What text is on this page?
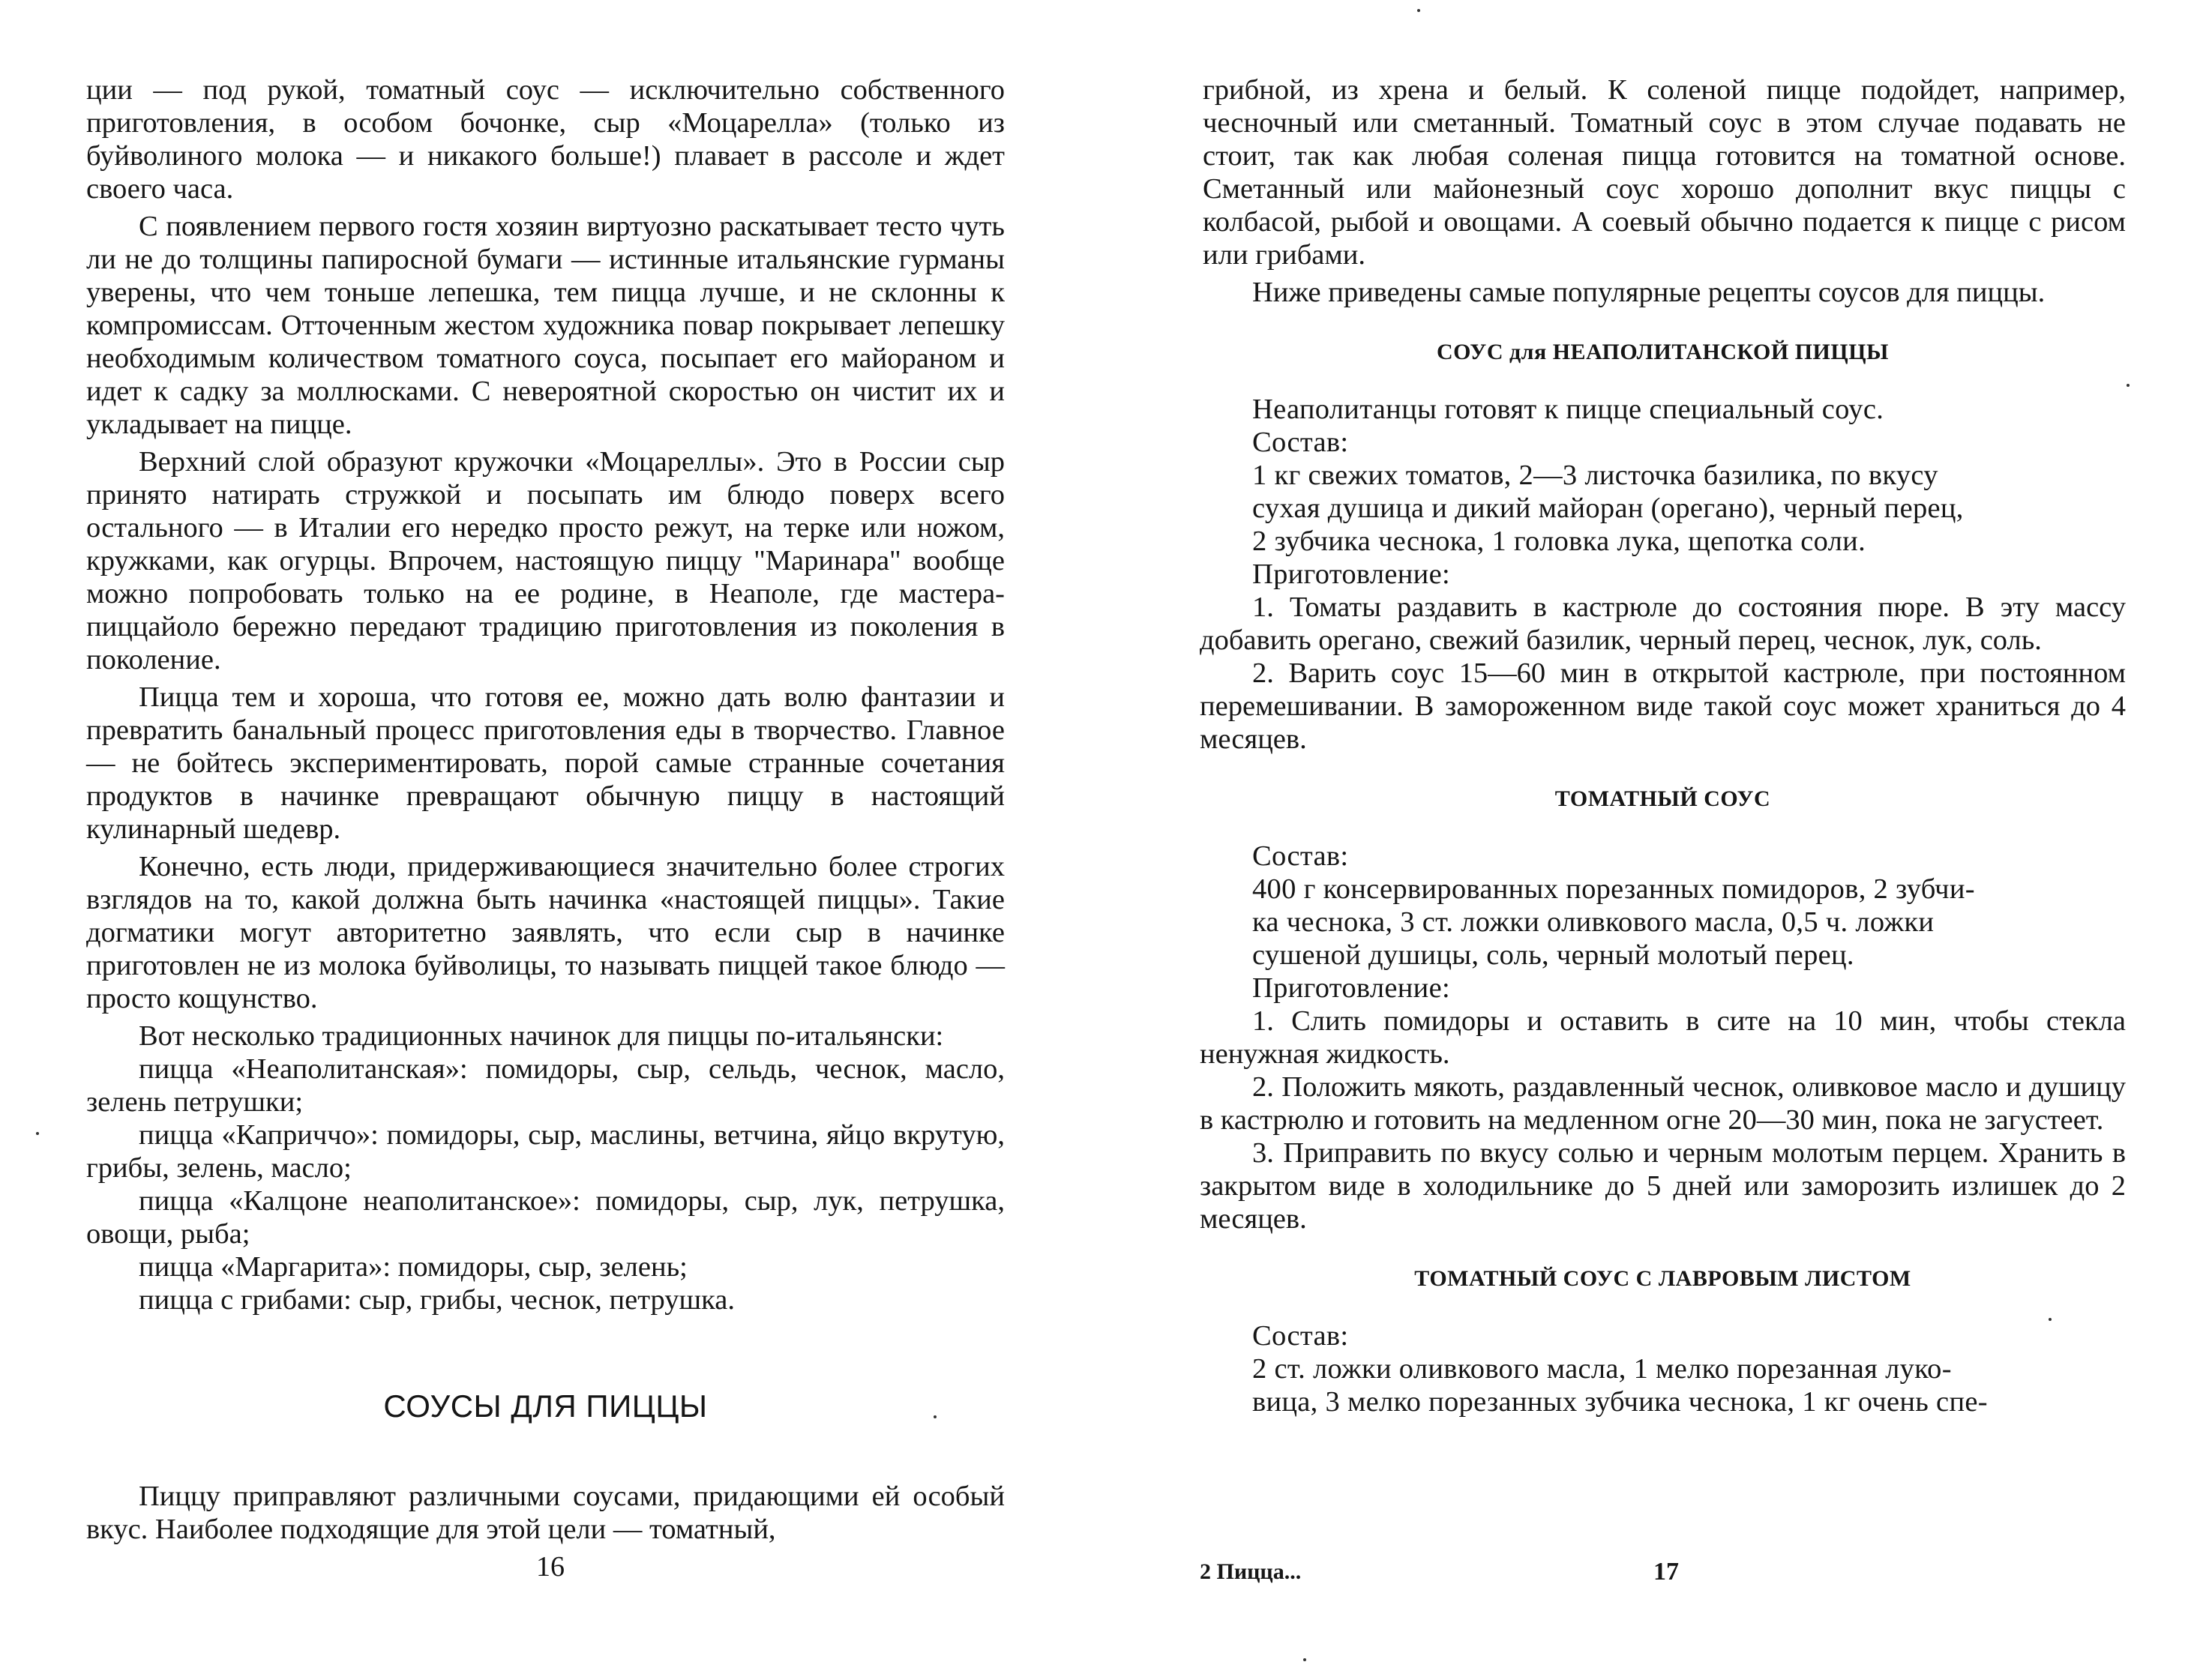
ции — под рукой, томатный соус — исключительно собственного приготовления, в особом бочонке, сыр «Моцарелла» (только из буйволиного молока — и никакого больше!) плавает в рассоле и ждет своего часа.

С появлением первого гостя хозяин виртуозно раскатывает тесто чуть ли не до толщины папиросной бумаги — истинные итальянские гурманы уверены, что чем тоньше лепешка, тем пицца лучше, и не склонны к компромиссам. Отточенным жестом художника повар покрывает лепешку необходимым количеством томатного соуса, посыпает его майораном и идет к садку за моллюсками. С невероятной скоростью он чистит их и укладывает на пицце.

Верхний слой образуют кружочки «Моцареллы». Это в России сыр принято натирать стружкой и посыпать им блюдо поверх всего остального — в Италии его нередко просто режут, на терке или ножом, кружками, как огурцы. Впрочем, настоящую пиццу "Маринара" вообще можно попробовать только на ее родине, в Неаполе, где мастера-пиццайоло бережно передают традицию приготовления из поколения в поколение.

Пицца тем и хороша, что готовя ее, можно дать волю фантазии и превратить банальный процесс приготовления еды в творчество. Главное — не бойтесь экспериментировать, порой самые странные сочетания продуктов в начинке превращают обычную пиццу в настоящий кулинарный шедевр.

Конечно, есть люди, придерживающиеся значительно более строгих взглядов на то, какой должна быть начинка «настоящей пиццы». Такие догматики могут авторитетно заявлять, что если сыр в начинке приготовлен не из молока буйволицы, то называть пиццей такое блюдо — просто кощунство.

Вот несколько традиционных начинок для пиццы по-итальянски:

пицца «Неаполитанская»: помидоры, сыр, сельдь, чеснок, масло, зелень петрушки;

пицца «Каприччо»: помидоры, сыр, маслины, ветчина, яйцо вкрутую, грибы, зелень, масло;

пицца «Калцоне неаполитанское»: помидоры, сыр, лук, петрушка, овощи, рыба;

пицца «Маргарита»: помидоры, сыр, зелень;

пицца с грибами: сыр, грибы, чеснок, петрушка.

СОУСЫ ДЛЯ ПИЦЦЫ

Пиццу приправляют различными соусами, придающими ей особый вкус. Наиболее подходящие для этой цели — томатный,

16

грибной, из хрена и белый. К соленой пицце подойдет, например, чесночный или сметанный. Томатный соус в этом случае подавать не стоит, так как любая соленая пицца готовится на томатной основе. Сметанный или майонезный соус хорошо дополнит вкус пиццы с колбасой, рыбой и овощами. А соевый обычно подается к пицце с рисом или грибами.

Ниже приведены самые популярные рецепты соусов для пиццы.

СОУС для НЕАПОЛИТАНСКОЙ ПИЦЦЫ

Неаполитанцы готовят к пицце специальный соус.

Состав:

1 кг свежих томатов, 2—3 листочка базилика, по вкусу

сухая душица и дикий майоран (орегано), черный перец,

2 зубчика чеснока, 1 головка лука, щепотка соли.

Приготовление:

1. Томаты раздавить в кастрюле до состояния пюре. В эту массу добавить орегано, свежий базилик, черный перец, чеснок, лук, соль.

2. Варить соус 15—60 мин в открытой кастрюле, при постоянном перемешивании. В замороженном виде такой соус может храниться до 4 месяцев.

ТОМАТНЫЙ СОУС

Состав:

400 г консервированных порезанных помидоров, 2 зубчи-

ка чеснока, 3 ст. ложки оливкового масла, 0,5 ч. ложки

сушеной душицы, соль, черный молотый перец.

Приготовление:

1. Слить помидоры и оставить в сите на 10 мин, чтобы стекла ненужная жидкость.

2. Положить мякоть, раздавленный чеснок, оливковое масло и душицу в кастрюлю и готовить на медленном огне 20—30 мин, пока не загустеет.

3. Приправить по вкусу солью и черным молотым перцем. Хранить в закрытом виде в холодильнике до 5 дней или заморозить излишек до 2 месяцев.

ТОМАТНЫЙ СОУС С ЛАВРОВЫМ ЛИСТОМ

Состав:

2 ст. ложки оливкового масла, 1 мелко порезанная луко-

вица, 3 мелко порезанных зубчика чеснока, 1 кг очень спе-

2 Пицца...	17
